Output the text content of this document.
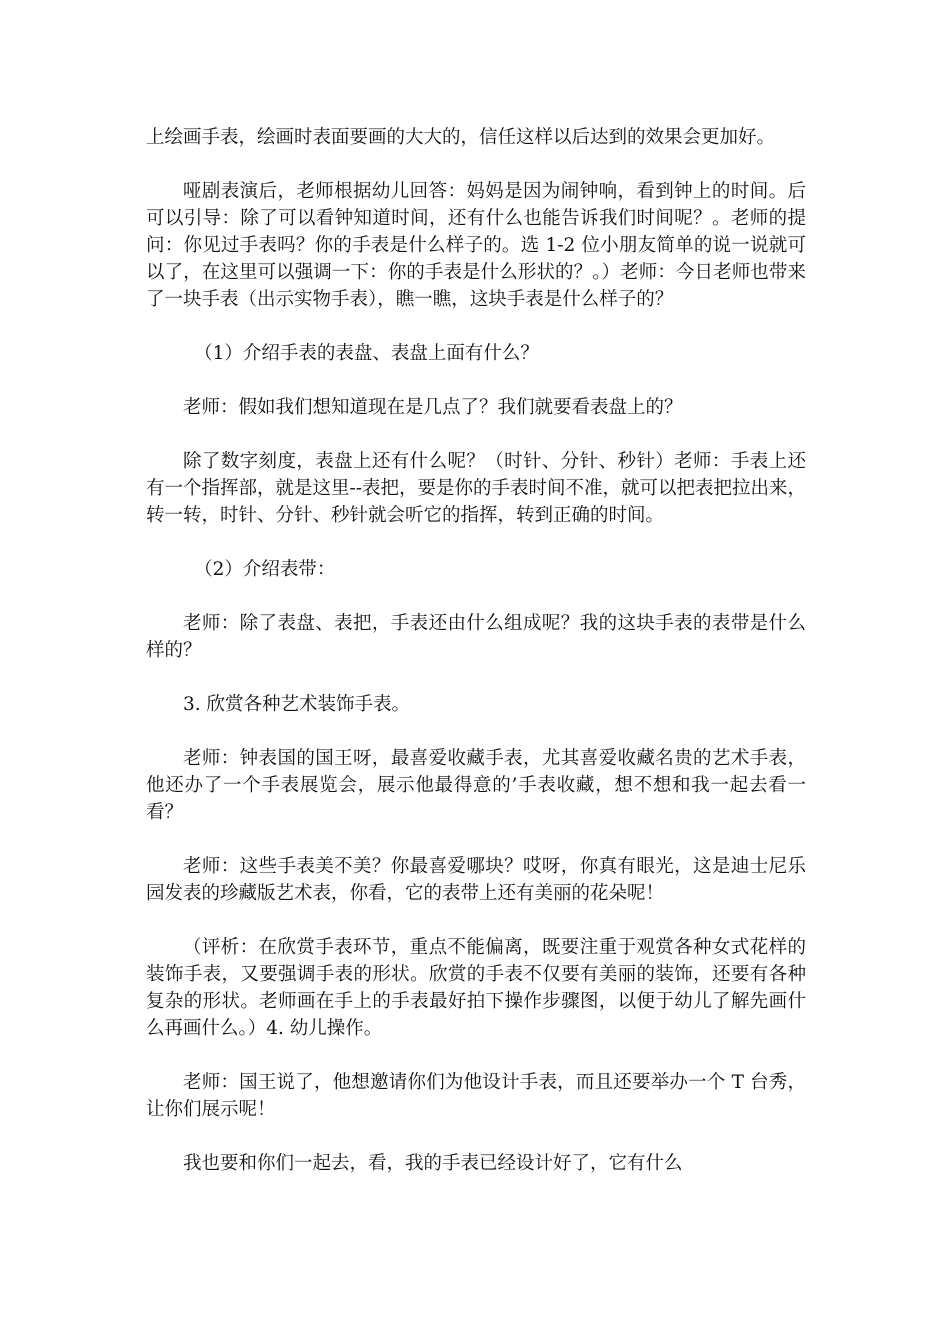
上绘画手表，绘画时表面要画的大大的，信任这样以后达到的效果会更加好。

哑剧表演后，老师根据幼儿回答：妈妈是因为闹钟响，看到钟上的时间。后可以引导：除了可以看钟知道时间，还有什么也能告诉我们时间呢？。老师的提问：你见过手表吗？你的手表是什么样子的。选 1-2 位小朋友简单的说一说就可以了，在这里可以强调一下：你的手表是什么形状的？。）老师：今日老师也带来了一块手表（出示实物手表），瞧一瞧，这块手表是什么样子的？

（1）介绍手表的表盘、表盘上面有什么？

老师：假如我们想知道现在是几点了？我们就要看表盘上的？

除了数字刻度，表盘上还有什么呢？（时针、分针、秒针）老师：手表上还有一个指挥部，就是这里--表把，要是你的手表时间不准，就可以把表把拉出来，转一转，时针、分针、秒针就会听它的指挥，转到正确的时间。

（2）介绍表带：

老师：除了表盘、表把，手表还由什么组成呢？我的这块手表的表带是什么样的？

3. 欣赏各种艺术装饰手表。

老师：钟表国的国王呀，最喜爱收藏手表，尤其喜爱收藏名贵的艺术手表，他还办了一个手表展览会，展示他最得意的’手表收藏，想不想和我一起去看一看？

老师：这些手表美不美？你最喜爱哪块？哎呀，你真有眼光，这是迪士尼乐园发表的珍藏版艺术表，你看，它的表带上还有美丽的花朵呢！

（评析：在欣赏手表环节，重点不能偏离，既要注重于观赏各种女式花样的装饰手表，又要强调手表的形状。欣赏的手表不仅要有美丽的装饰，还要有各种复杂的形状。老师画在手上的手表最好拍下操作步骤图，以便于幼儿了解先画什么再画什么。）4. 幼儿操作。

老师：国王说了，他想邀请你们为他设计手表，而且还要举办一个 T 台秀，让你们展示呢！

我也要和你们一起去，看，我的手表已经设计好了，它有什么
